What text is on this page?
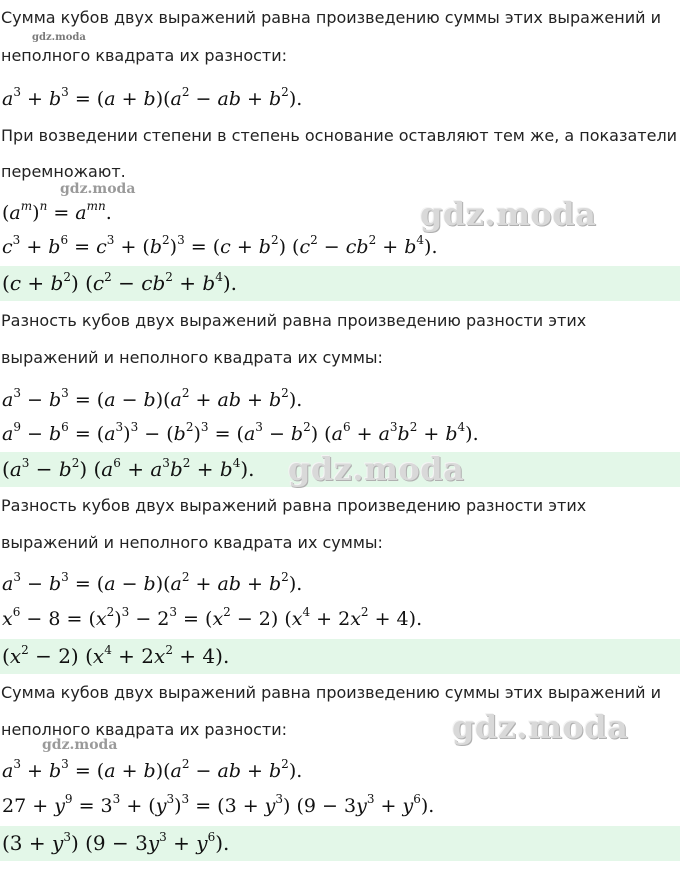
Сумма кубов двух выражений равна произведению суммы этих выражений и
gdz.moda
неполного квадрата их разности:
$a^3 + b^3 = (a + b)(a^2$ − ab + $b^2$).
При возведении степени в степень основание оставляют тем же, а показатели
перемножают.
gdz.moda
$(a^m)^n = a^{mn}$.	gdz.moda
$c^3 + b^6 = c^3 + (b^2)^3 = (c + b^2) (c^2 - cb^2 + b^4)$.
$(c + b^2)$ $(c^2 - cb^2 + b^4)$.
Разность кубов двух выражений равна произведению разности этих
выражений и неполного квадрата их суммы:
$a^3 - b^3 = (a - b)(a^2$ + ab + $b^2$).
$a^9 - b^6 = (a^3)^3 - (b^2)^3 = (a^3 - b^2) (a^6 + a^3b^2 + b^4)$.
$(a^3 - b^2) (a^6 + a^3b^2 + b^4)$. gdz.moda
Разность кубов двух выражений равна произведению разности этих
выражений и неполного квадрата их суммы:
$a^3 - b^3 = (a - b)(a^2$ + ab + $b^2$).
$x^6 - 8 = (x^2)^3 - 2^3 = (x^2 - 2) (x^4 + 2x^2 + 4)$.
$(x^2 - 2) (x^4 + 2x^2 + 4)$.
Сумма кубов двух выражений равна произведению суммы этих выражений и
gdz.moda
неполного квадрата их разности:
gdz.moda
$a^3 + b^3 = (a + b)(a^2$ − ab + $b^2$).
$27 + y^9 = 3^3 + (y^3)^3 = (3 + y^3) (9 - 3y^3 + y^6)$.
$(3 + y^3)$ $(9 - 3y^3 + y^6)$.
